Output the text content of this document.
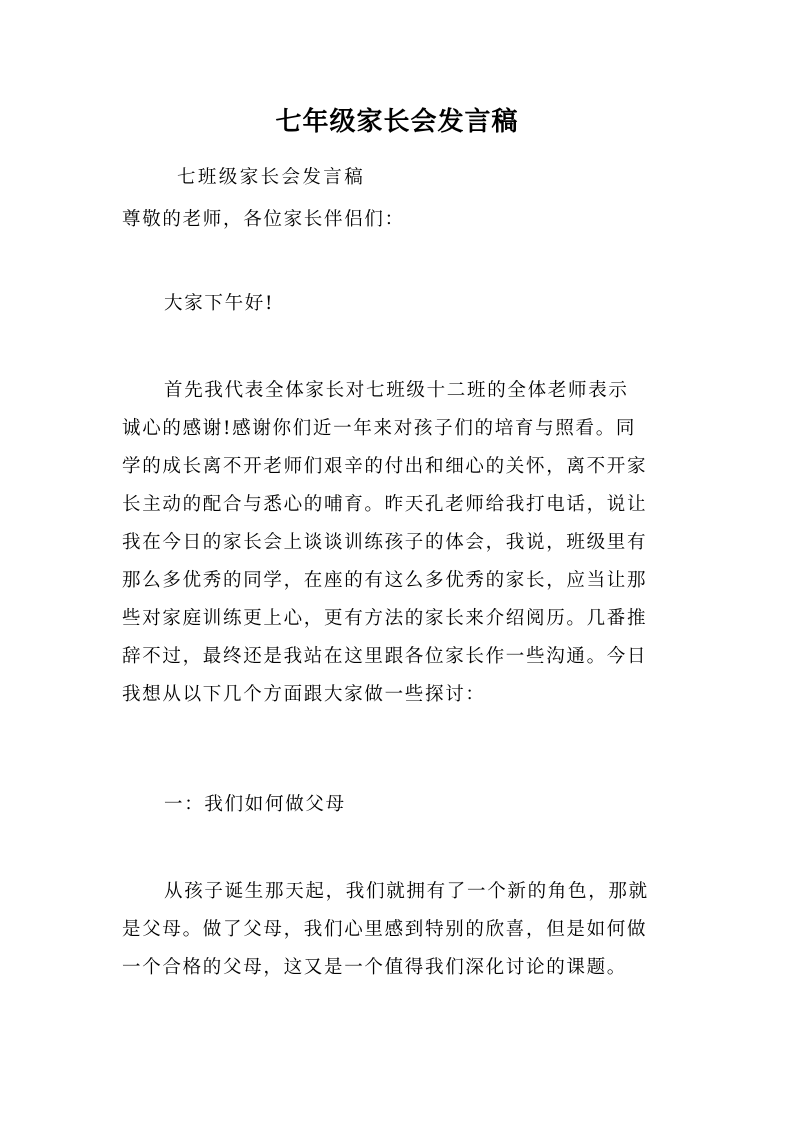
七年级家长会发言稿

七班级家长会发言稿

尊敬的老师，各位家长伴侣们：

大家下午好!

首先我代表全体家长对七班级十二班的全体老师表示
诚心的感谢!感谢你们近一年来对孩子们的培育与照看。同
学的成长离不开老师们艰辛的付出和细心的关怀，离不开家
长主动的配合与悉心的哺育。昨天孔老师给我打电话，说让
我在今日的家长会上谈谈训练孩子的体会，我说，班级里有
那么多优秀的同学，在座的有这么多优秀的家长，应当让那
些对家庭训练更上心，更有方法的家长来介绍阅历。几番推
辞不过，最终还是我站在这里跟各位家长作一些沟通。今日
我想从以下几个方面跟大家做一些探讨：

一：我们如何做父母

从孩子诞生那天起，我们就拥有了一个新的角色，那就
是父母。做了父母，我们心里感到特别的欣喜，但是如何做
一个合格的父母，这又是一个值得我们深化讨论的课题。
